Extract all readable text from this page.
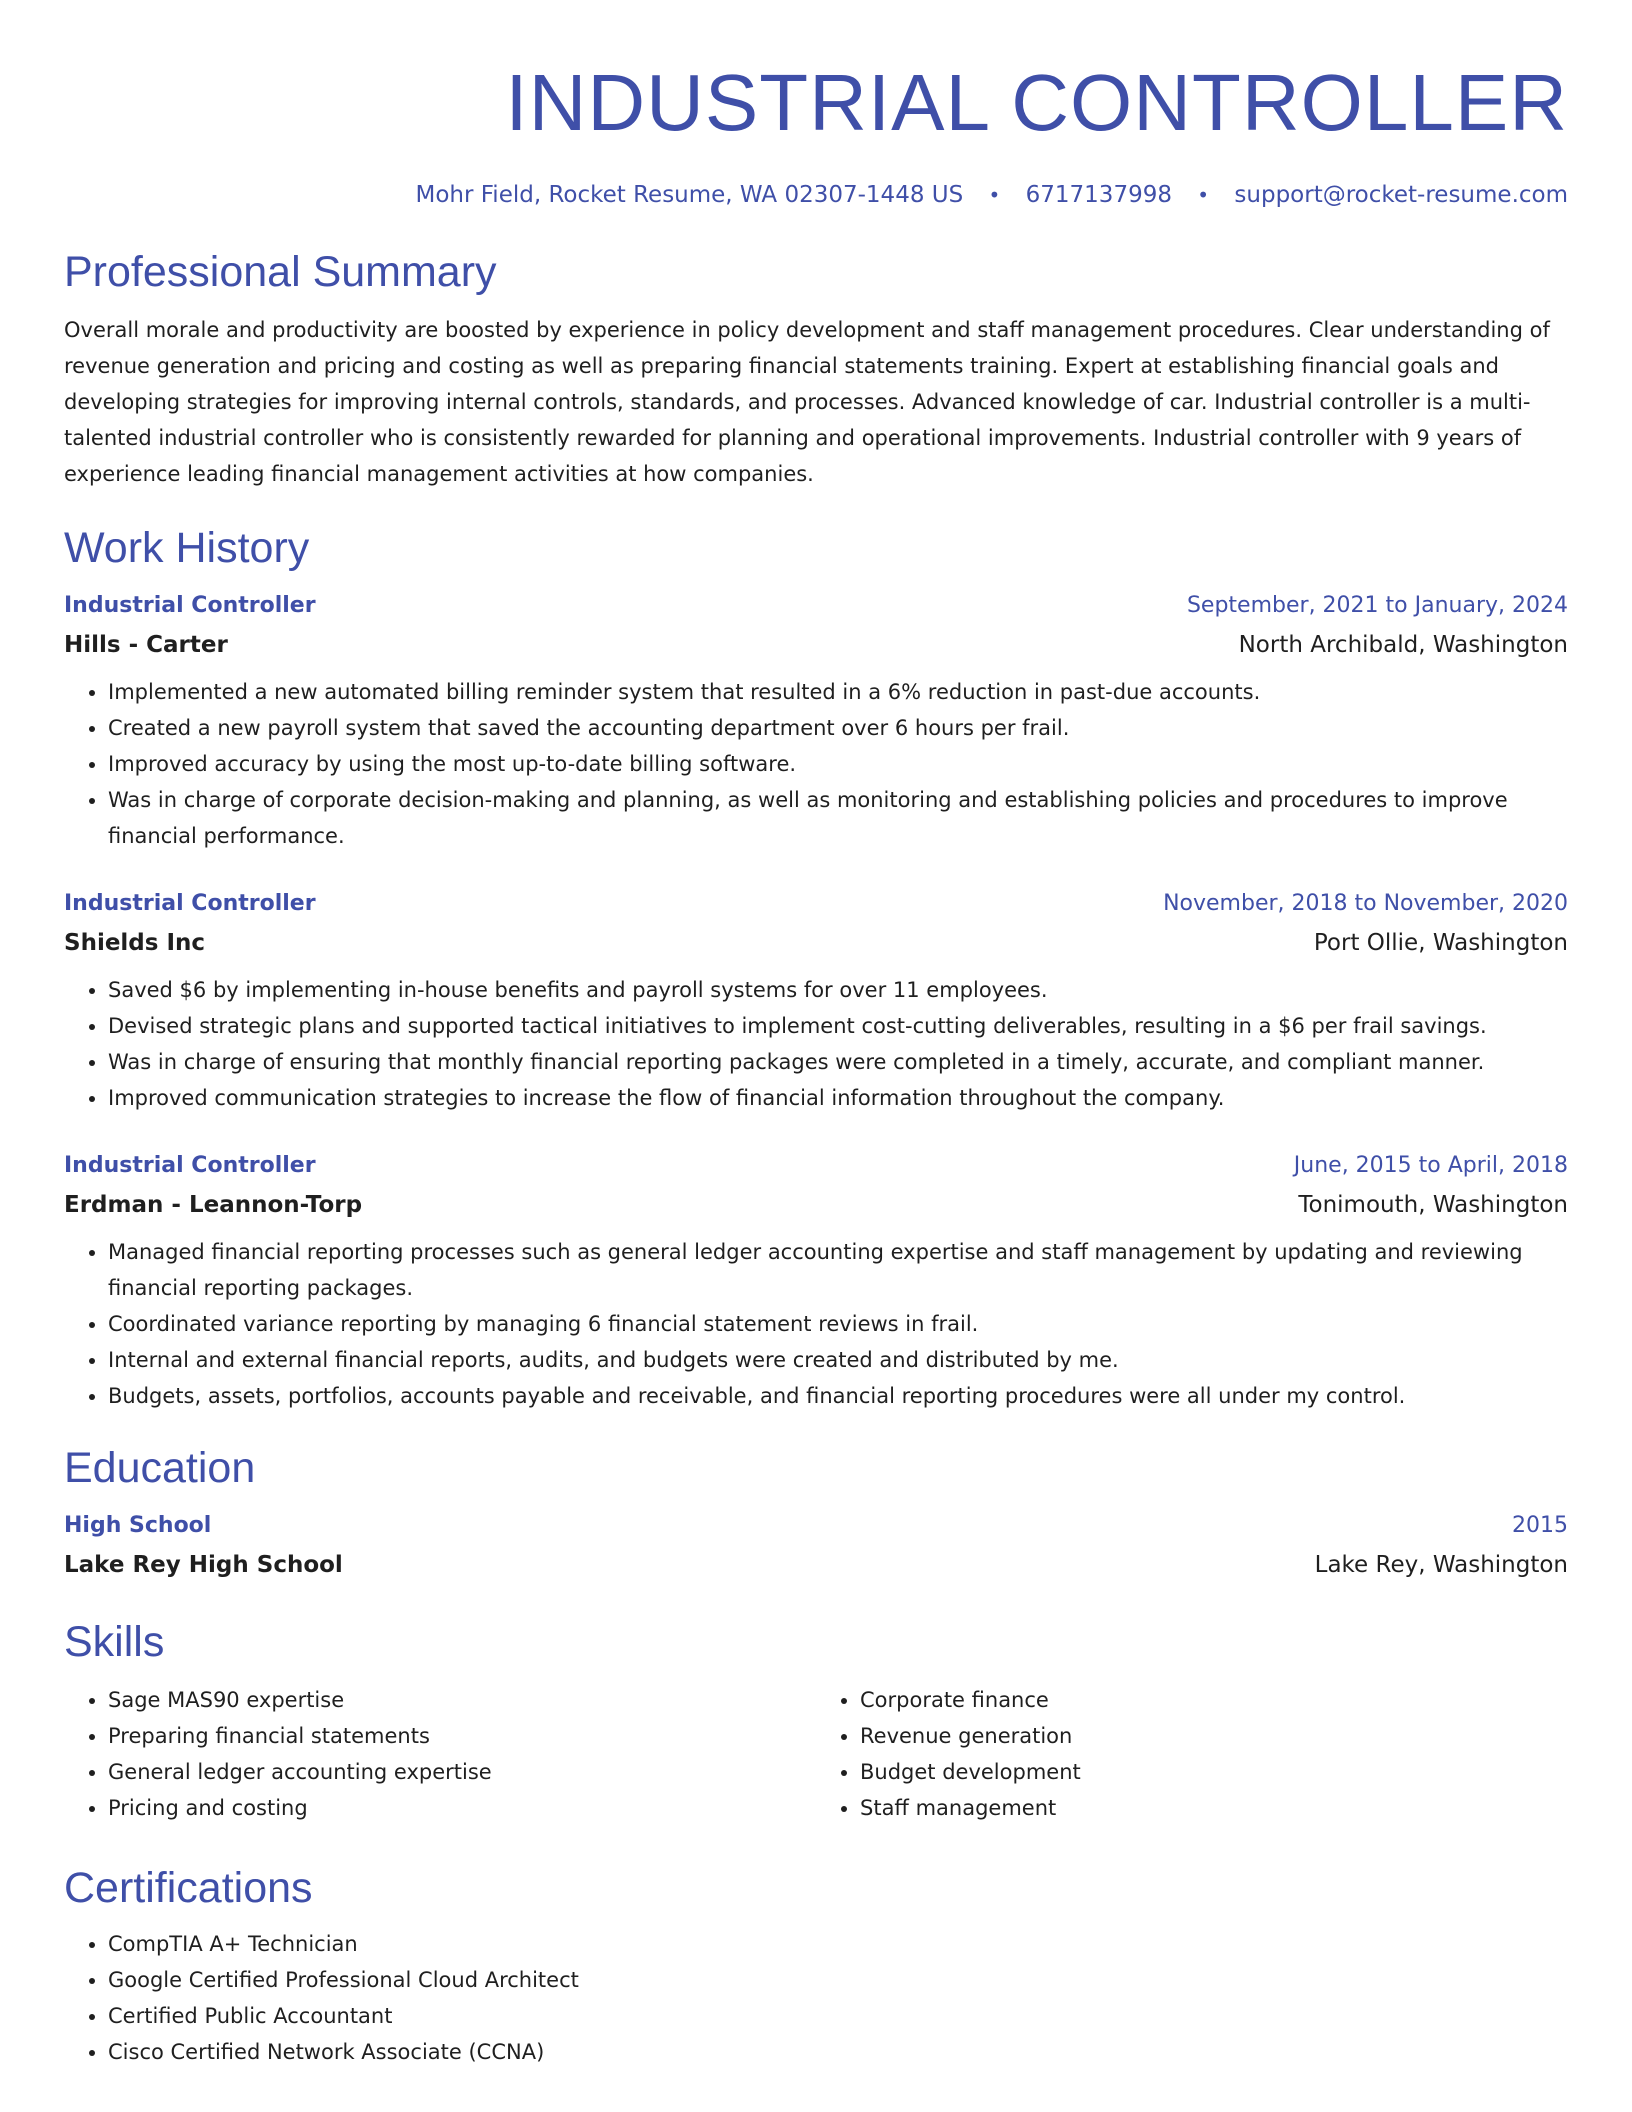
INDUSTRIAL CONTROLLER
Mohr Field, Rocket Resume, WA 02307-1448 US • 6717137998 • support@rocket-resume.com
Professional Summary
Overall morale and productivity are boosted by experience in policy development and staff management procedures. Clear understanding of revenue generation and pricing and costing as well as preparing financial statements training. Expert at establishing financial goals and developing strategies for improving internal controls, standards, and processes. Advanced knowledge of car. Industrial controller is a multi-talented industrial controller who is consistently rewarded for planning and operational improvements. Industrial controller with 9 years of experience leading financial management activities at how companies.
Work History
Industrial Controller	September, 2021 to January, 2024
Hills - Carter	North Archibald, Washington
• Implemented a new automated billing reminder system that resulted in a 6% reduction in past-due accounts.
• Created a new payroll system that saved the accounting department over 6 hours per frail.
• Improved accuracy by using the most up-to-date billing software.
• Was in charge of corporate decision-making and planning, as well as monitoring and establishing policies and procedures to improve financial performance.
Industrial Controller	November, 2018 to November, 2020
Shields Inc	Port Ollie, Washington
• Saved $6 by implementing in-house benefits and payroll systems for over 11 employees.
• Devised strategic plans and supported tactical initiatives to implement cost-cutting deliverables, resulting in a $6 per frail savings.
• Was in charge of ensuring that monthly financial reporting packages were completed in a timely, accurate, and compliant manner.
• Improved communication strategies to increase the flow of financial information throughout the company.
Industrial Controller	June, 2015 to April, 2018
Erdman - Leannon-Torp	Tonimouth, Washington
• Managed financial reporting processes such as general ledger accounting expertise and staff management by updating and reviewing financial reporting packages.
• Coordinated variance reporting by managing 6 financial statement reviews in frail.
• Internal and external financial reports, audits, and budgets were created and distributed by me.
• Budgets, assets, portfolios, accounts payable and receivable, and financial reporting procedures were all under my control.
Education
High School	2015
Lake Rey High School	Lake Rey, Washington
Skills
• Sage MAS90 expertise
• Preparing financial statements
• General ledger accounting expertise
• Pricing and costing
• Corporate finance
• Revenue generation
• Budget development
• Staff management
Certifications
• CompTIA A+ Technician
• Google Certified Professional Cloud Architect
• Certified Public Accountant
• Cisco Certified Network Associate (CCNA)
